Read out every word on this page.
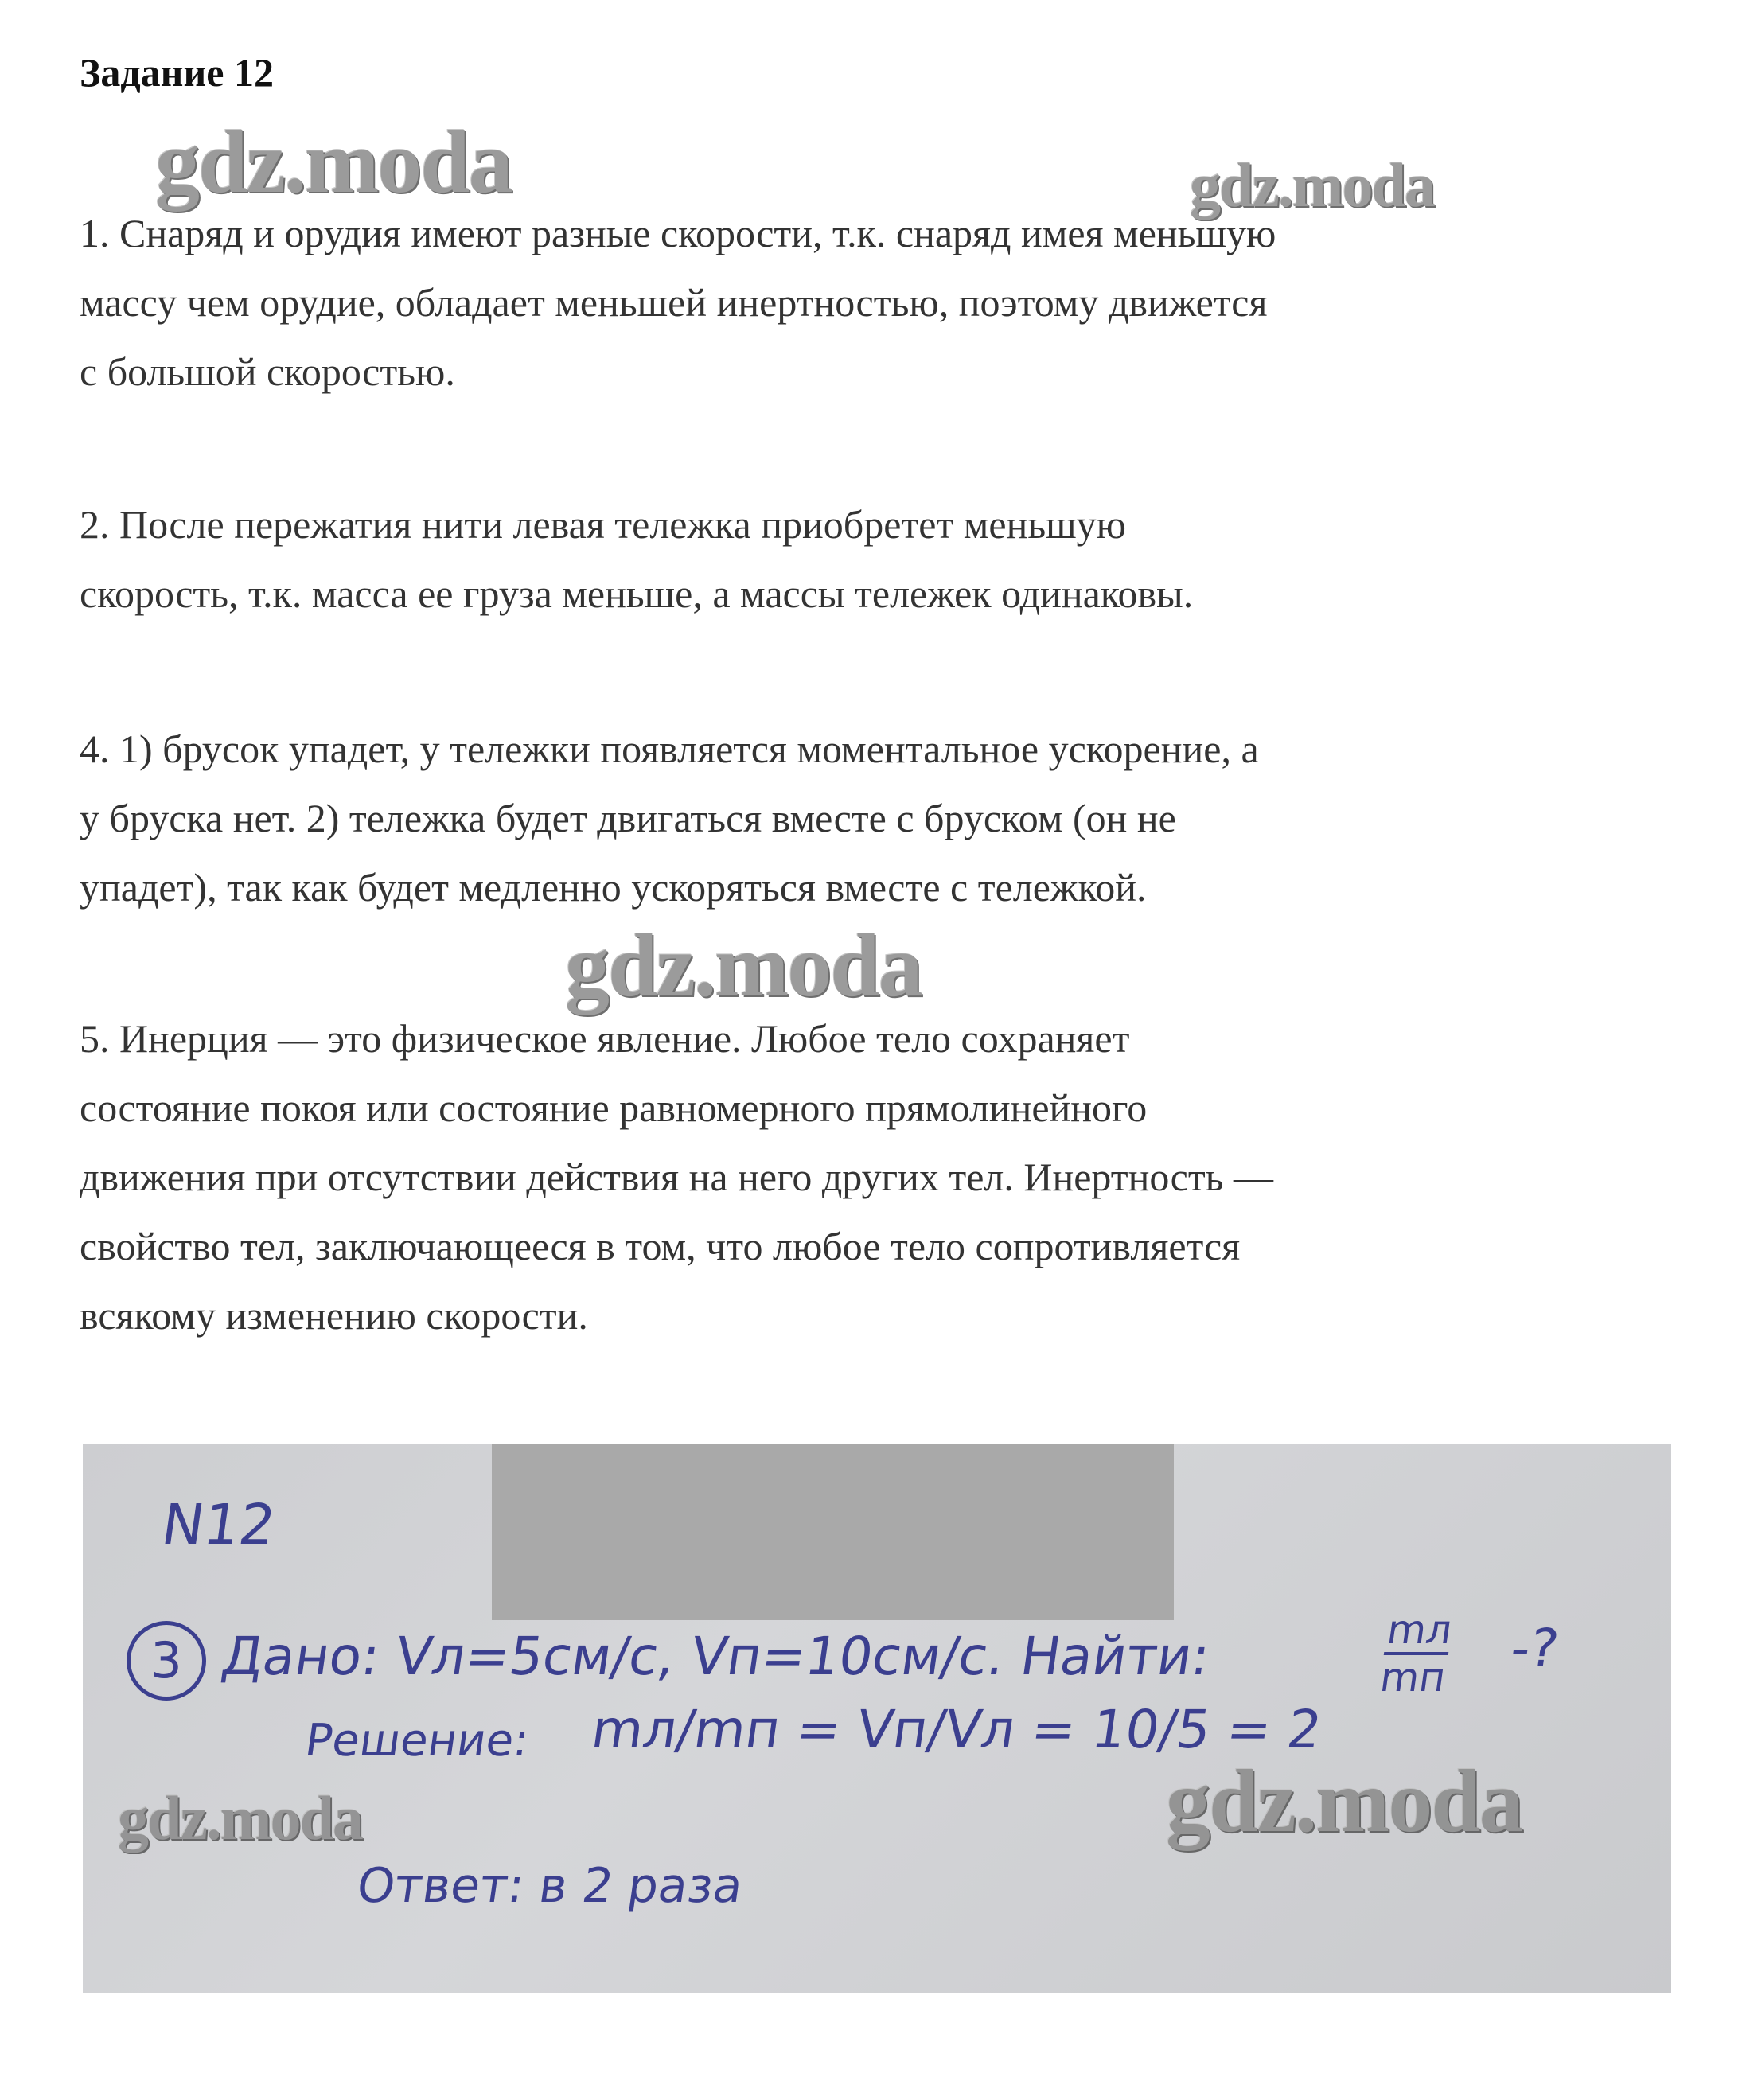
Задание 12
1. Снаряд и орудия имеют разные скорости, т.к. снаряд имея меньшую
массу чем орудие, обладает меньшей инертностью, поэтому движется
с большой скоростью.
2. После пережатия нити левая тележка приобретет меньшую
скорость, т.к. масса ее груза меньше, а массы тележек одинаковы.
4. 1) брусок упадет, у тележки появляется моментальное ускорение, а
у бруска нет. 2) тележка будет двигаться вместе с бруском (он не
упадет), так как будет медленно ускоряться вместе с тележкой.
5. Инерция — это физическое явление. Любое тело сохраняет
состояние покоя или состояние равномерного прямолинейного
движения при отсутствии действия на него других тел. Инертность —
свойство тел, заключающееся в том, что любое тело сопротивляется
всякому изменению скорости.
N12
3 Дано: Vл=5см/с, Vп=10см/с. Найти:	mл
mп -?
Решение: mл/mп = Vп/Vл = 10/5 = 2
Ответ: в 2 раза
gdz.moda	gdz.moda
gdz.moda
gdz.moda	gdz.moda
